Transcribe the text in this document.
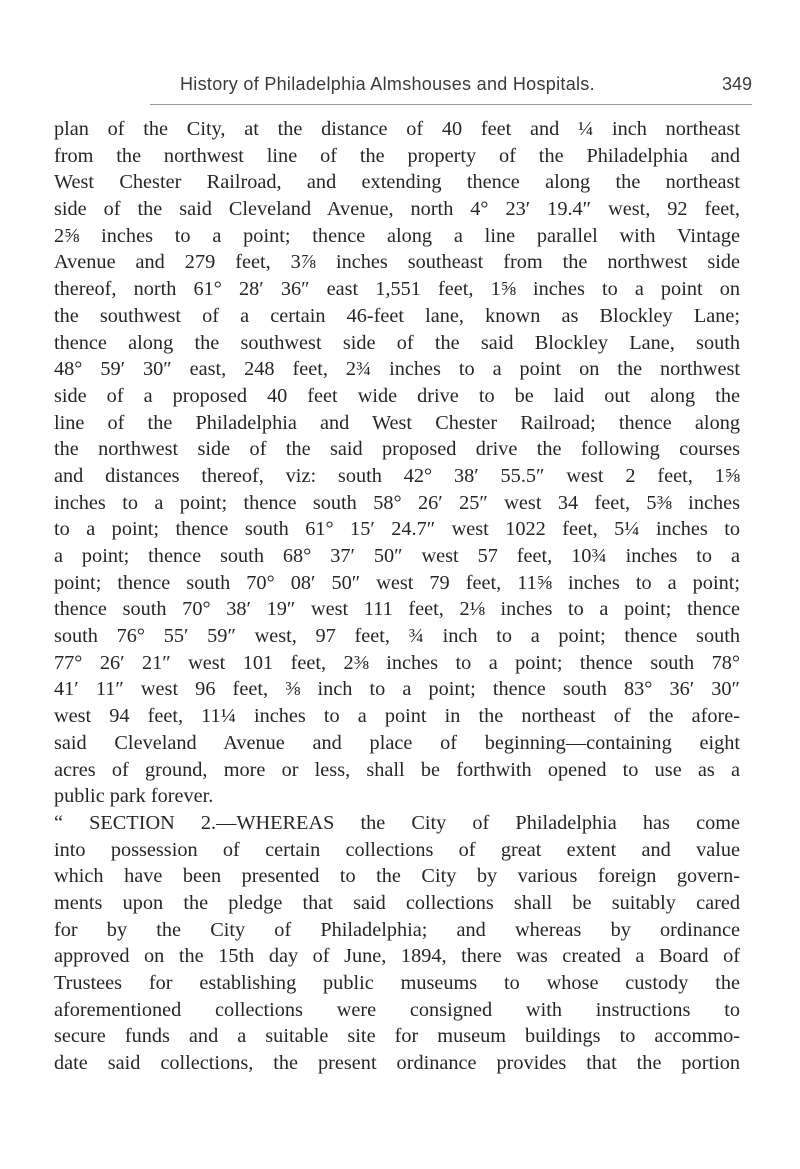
History of Philadelphia Almshouses and Hospitals.	349
plan of the City, at the distance of 40 feet and ¼ inch northeast
from the northwest line of the property of the Philadelphia and
West Chester Railroad, and extending thence along the northeast
side of the said Cleveland Avenue, north 4° 23′ 19.4″ west, 92 feet,
2⅝ inches to a point; thence along a line parallel with Vintage
Avenue and 279 feet, 3⅞ inches southeast from the northwest side
thereof, north 61° 28′ 36″ east 1,551 feet, 1⅝ inches to a point on
the southwest of a certain 46-feet lane, known as Blockley Lane;
thence along the southwest side of the said Blockley Lane, south
48° 59′ 30″ east, 248 feet, 2¾ inches to a point on the northwest
side of a proposed 40 feet wide drive to be laid out along the
line of the Philadelphia and West Chester Railroad; thence along
the northwest side of the said proposed drive the following courses
and distances thereof, viz: south 42° 38′ 55.5″ west 2 feet, 1⅝
inches to a point; thence south 58° 26′ 25″ west 34 feet, 5⅜ inches
to a point; thence south 61° 15′ 24.7″ west 1022 feet, 5¼ inches to
a point; thence south 68° 37′ 50″ west 57 feet, 10¾ inches to a
point; thence south 70° 08′ 50″ west 79 feet, 11⅝ inches to a point;
thence south 70° 38′ 19″ west 111 feet, 2⅛ inches to a point; thence
south 76° 55′ 59″ west, 97 feet, ¾ inch to a point; thence south
77° 26′ 21″ west 101 feet, 2⅜ inches to a point; thence south 78°
41′ 11″ west 96 feet, ⅜ inch to a point; thence south 83° 36′ 30″
west 94 feet, 11¼ inches to a point in the northeast of the afore-
said Cleveland Avenue and place of beginning—containing eight
acres of ground, more or less, shall be forthwith opened to use as a
public park forever.
“ SECTION 2.—WHEREAS the City of Philadelphia has come
into possession of certain collections of great extent and value
which have been presented to the City by various foreign govern-
ments upon the pledge that said collections shall be suitably cared
for by the City of Philadelphia; and whereas by ordinance
approved on the 15th day of June, 1894, there was created a Board of
Trustees for establishing public museums to whose custody the
aforementioned collections were consigned with instructions to
secure funds and a suitable site for museum buildings to accommo-
date said collections, the present ordinance provides that the portion
